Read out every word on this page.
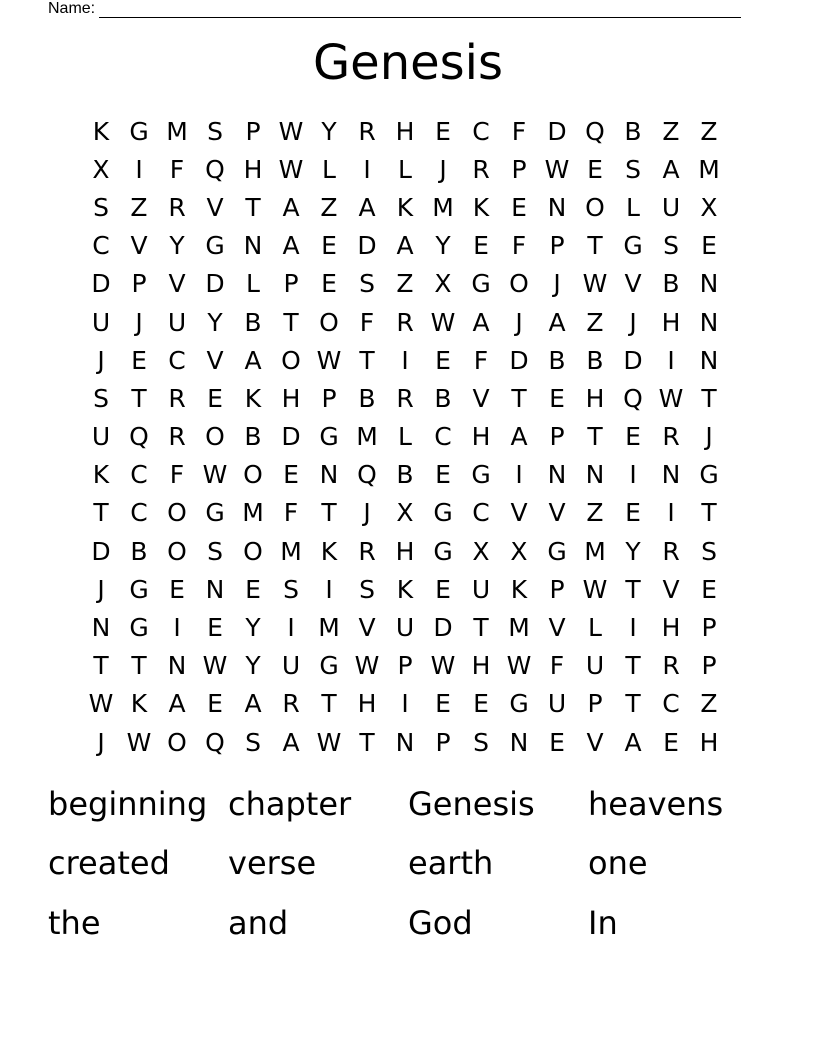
Name:
Genesis
K G M S P W Y R H E C F D Q B Z Z
X	I	F Q H W L	I	L	J	R P W E S A M
S Z R V T A Z A K M K E N O L U X
C V Y G N A E D A Y E F P T G S E
D P V D L P E S Z X G O J W V B N
U	J	U Y B T O F R W A	J	A Z	J H N
J	E C V A O W T	I	E F D B B D I N
S T R E K H P B R B V T E H Q W T
U Q R O B D G M L C H A P T E R	J
K C F W O E N Q B E G I N N I N G
T C O G M F T	J	X G C V V Z E	I	T
D B O S O M K R H G X X G M Y R S
J G E N E S	I	S K E U K P W T V E
N G I	E Y	I M V U D T M V L	I H P
T T N W Y U G W P W H W F U T R P
W K A E A R T H I	E E G U P T C Z
J W O Q S A W T N P S N E V A E H
beginning chapter	Genesis	heavens
created	verse	earth	one
the	and	God	In
